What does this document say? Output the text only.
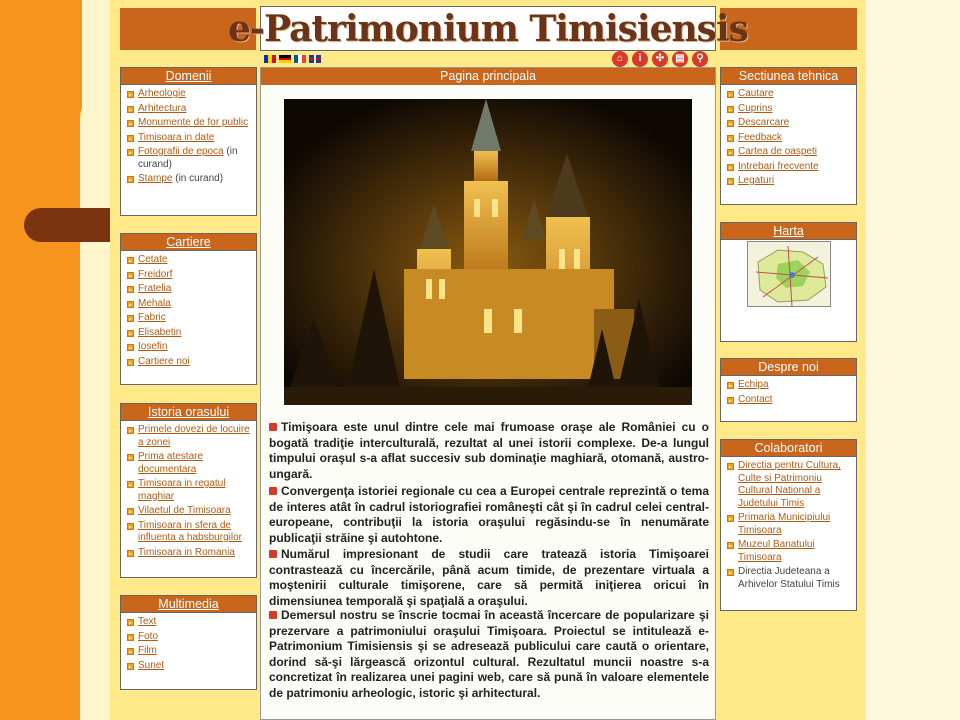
e-Patrimonium Timisiensis
⌂	i	✣	▤	⚲
Domenii
Arheologie
Arhitectura
Monumente de for public
Timisoara in date
Fotografii de epoca (in curand)
Stampe (in curand)
Cartiere
Cetate
Freidorf
Fratelia
Mehala
Fabric
Elisabetin
Iosefin
Cartiere noi
Istoria orasului
Primele dovezi de locuire a zonei
Prima atestare documentara
Timisoara in regatul maghiar
Vilaetul de Timisoara
Timisoara in sfera de influenta a habsburgilor
Timisoara in Romania
Multimedia
Text
Foto
Film
Sunet
Pagina principala
Timişoara este unul dintre cele mai frumoase oraşe ale României cu o bogată tradiţie interculturală, rezultat al unei istorii complexe. De-a lungul timpului oraşul s-a aflat succesiv sub dominaţie maghiară, otomană, austro-ungară.
Convergenţa istoriei regionale cu cea a Europei centrale reprezintă o tema de interes atât în cadrul istoriografiei româneşti cât şi în cadrul celei central-europeane, contribuţii la istoria oraşului regăsindu-se în nenumărate publicaţii străine şi autohtone.
Numărul impresionant de studii care tratează istoria Timişoarei contrastează cu încercările, până acum timide, de prezentare virtuala a moştenirii culturale timişorene, care să permită iniţierea oricui în dimensiunea temporală şi spaţială a oraşului.
Demersul nostru se înscrie tocmai în această încercare de popularizare şi prezervare a patrimoniului oraşului Timişoara. Proiectul se intitulează e-Patrimonium Timisiensis şi se adresează publicului care caută o orientare, dorind să-şi lărgească orizontul cultural. Rezultatul muncii noastre s-a concretizat în realizarea unei pagini web, care să pună în valoare elementele de patrimoniu arheologic, istoric şi arhitectural.
Sectiunea tehnica
Cautare
Cuprins
Descarcare
Feedback
Cartea de oaspeti
Intrebari frecvente
Legaturi
Harta
Despre noi
Echipa
Contact
Colaboratori
Directia pentru Cultura, Culte si Patrimoniu Cultural National a Judetului Timis
Primaria Municipiului Timisoara
Muzeul Banatului Timisoara
Directia Judeteana a Arhivelor Statului Timis
